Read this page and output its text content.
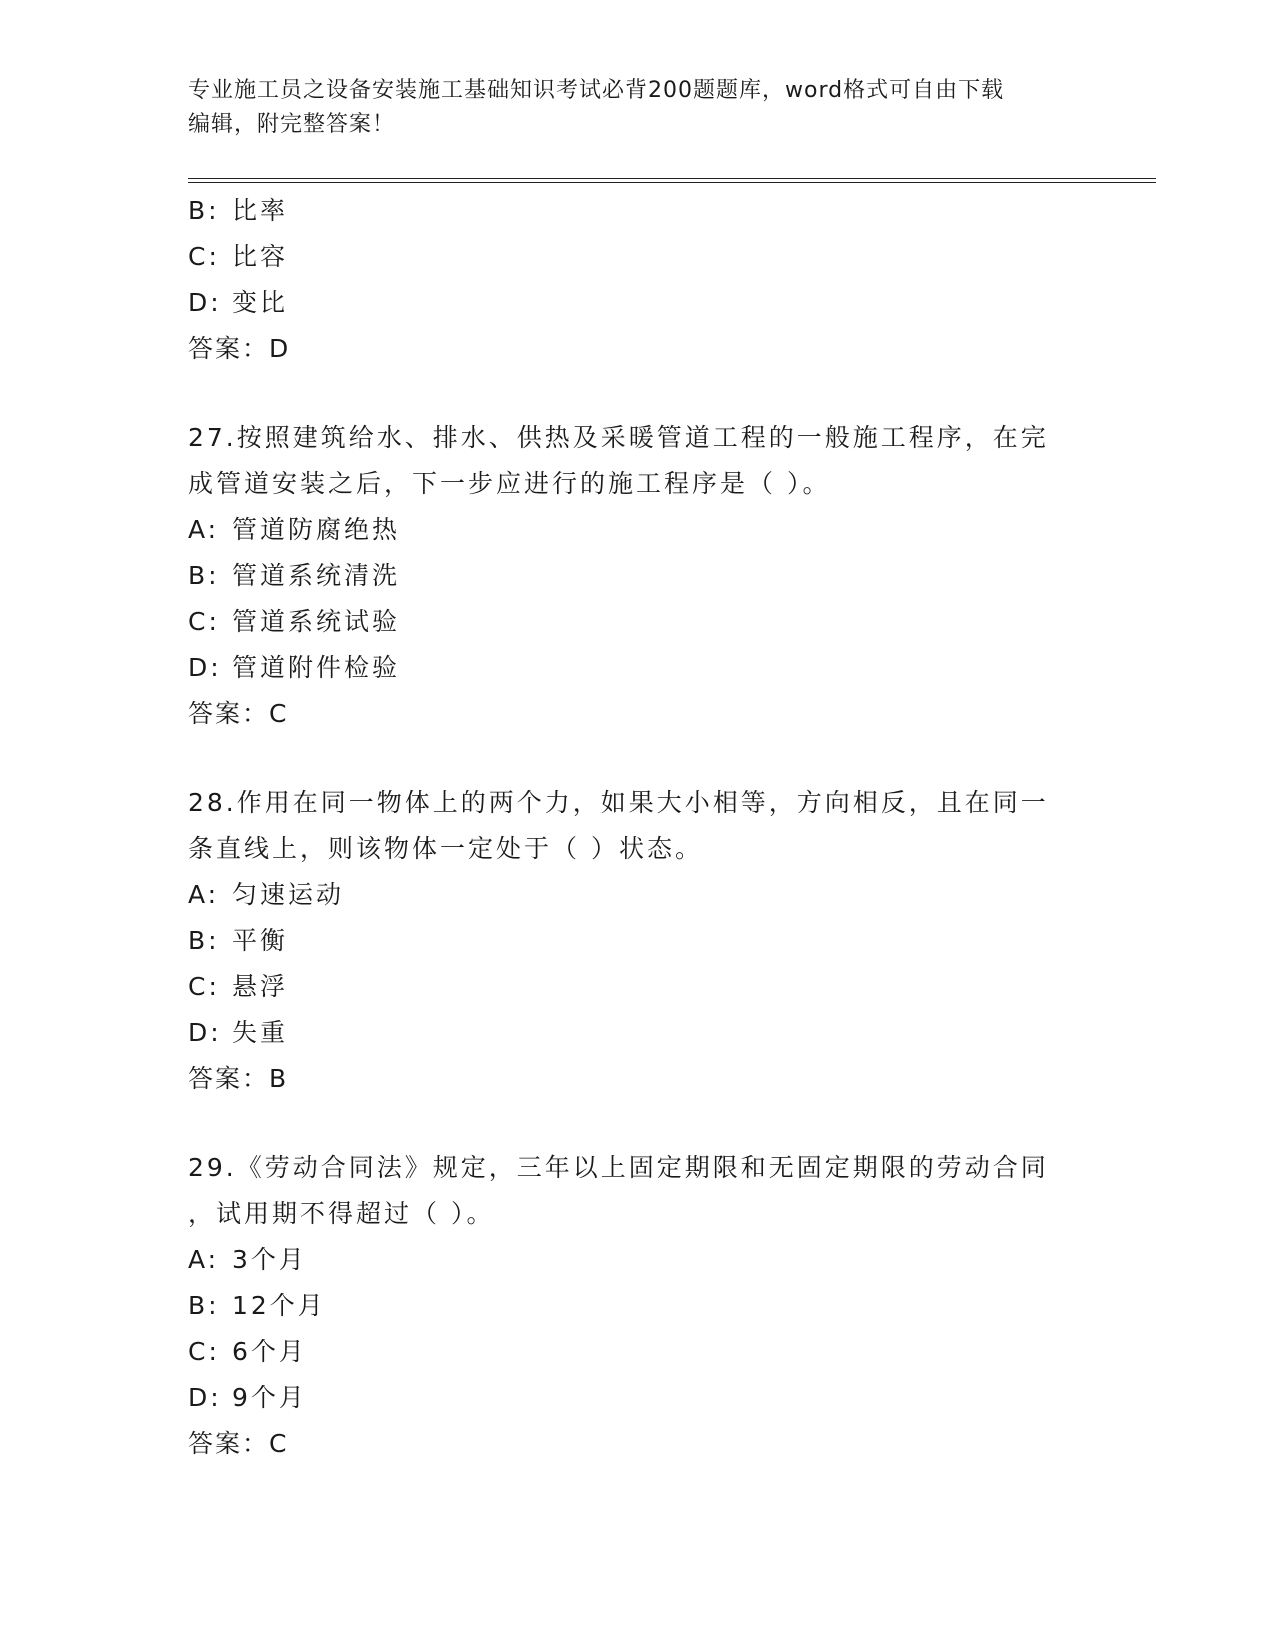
专业施工员之设备安装施工基础知识考试必背200题题库，word格式可自由下载
编辑，附完整答案！
B: 比率
C: 比容
D: 变比
答案：D
27.按照建筑给水、排水、供热及采暖管道工程的一般施工程序，在完
成管道安装之后，下一步应进行的施工程序是（ ）。
A: 管道防腐绝热
B: 管道系统清洗
C: 管道系统试验
D: 管道附件检验
答案：C
28.作用在同一物体上的两个力，如果大小相等，方向相反，且在同一
条直线上，则该物体一定处于（ ）状态。
A: 匀速运动
B: 平衡
C: 悬浮
D: 失重
答案：B
29.《劳动合同法》规定，三年以上固定期限和无固定期限的劳动合同
，试用期不得超过（ ）。
A: 3个月
B: 12个月
C: 6个月
D: 9个月
答案：C
